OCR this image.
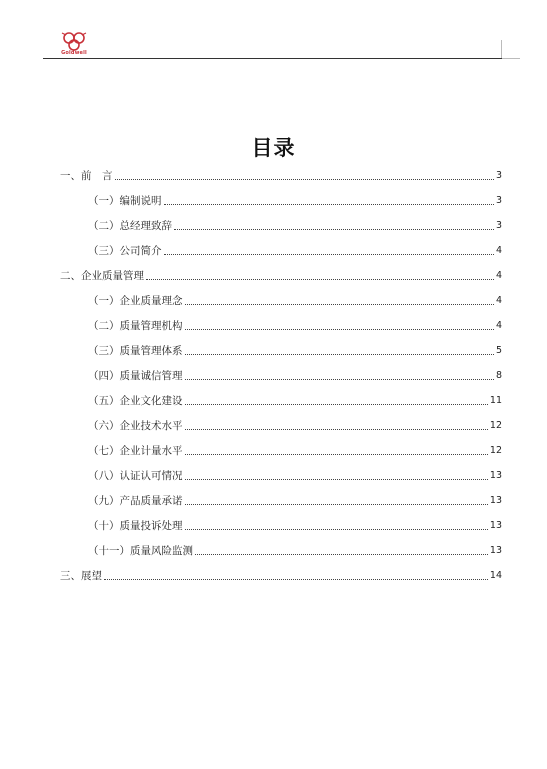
Goldwell
目录
一、前　言	3
（一）编制说明	3
（二）总经理致辞	3
（三）公司简介	4
二、企业质量管理	4
（一）企业质量理念	4
（二）质量管理机构	4
（三）质量管理体系	5
（四）质量诚信管理	8
（五）企业文化建设	11
（六）企业技术水平	12
（七）企业计量水平	12
（八）认证认可情况	13
（九）产品质量承诺	13
（十）质量投诉处理	13
（十一）质量风险监测	13
三、展望	14
